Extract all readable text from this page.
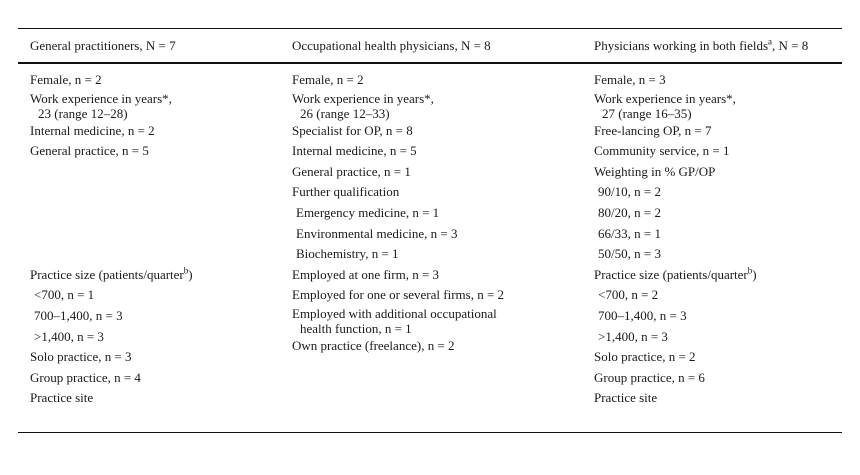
General practitioners, N = 7	Occupational health physicians, N = 8	Physicians working in both fields$^a$, N = 8
Female, n = 2
Work experience in years*,
23 (range 12–28)
Internal medicine, n = 2
General practice, n = 5
Practice size (patients/quarter$^b$)
<700, n = 1
700–1,400, n = 3
>1,400, n = 3
Solo practice, n = 3
Group practice, n = 4
Practice site
Female, n = 2
Work experience in years*,
26 (range 12–33)
Specialist for OP, n = 8
Internal medicine, n = 5
General practice, n = 1
Further qualification
Emergency medicine, n = 1
Environmental medicine, n = 3
Biochemistry, n = 1
Employed at one firm, n = 3
Employed for one or several firms, n = 2
Employed with additional occupational
health function, n = 1
Own practice (freelance), n = 2
Female, n = 3
Work experience in years*,
27 (range 16–35)
Free-lancing OP, n = 7
Community service, n = 1
Weighting in % GP/OP
90/10, n = 2
80/20, n = 2
66/33, n = 1
50/50, n = 3
Practice size (patients/quarter$^b$)
<700, n = 2
700–1,400, n = 3
>1,400, n = 3
Solo practice, n = 2
Group practice, n = 6
Practice site
